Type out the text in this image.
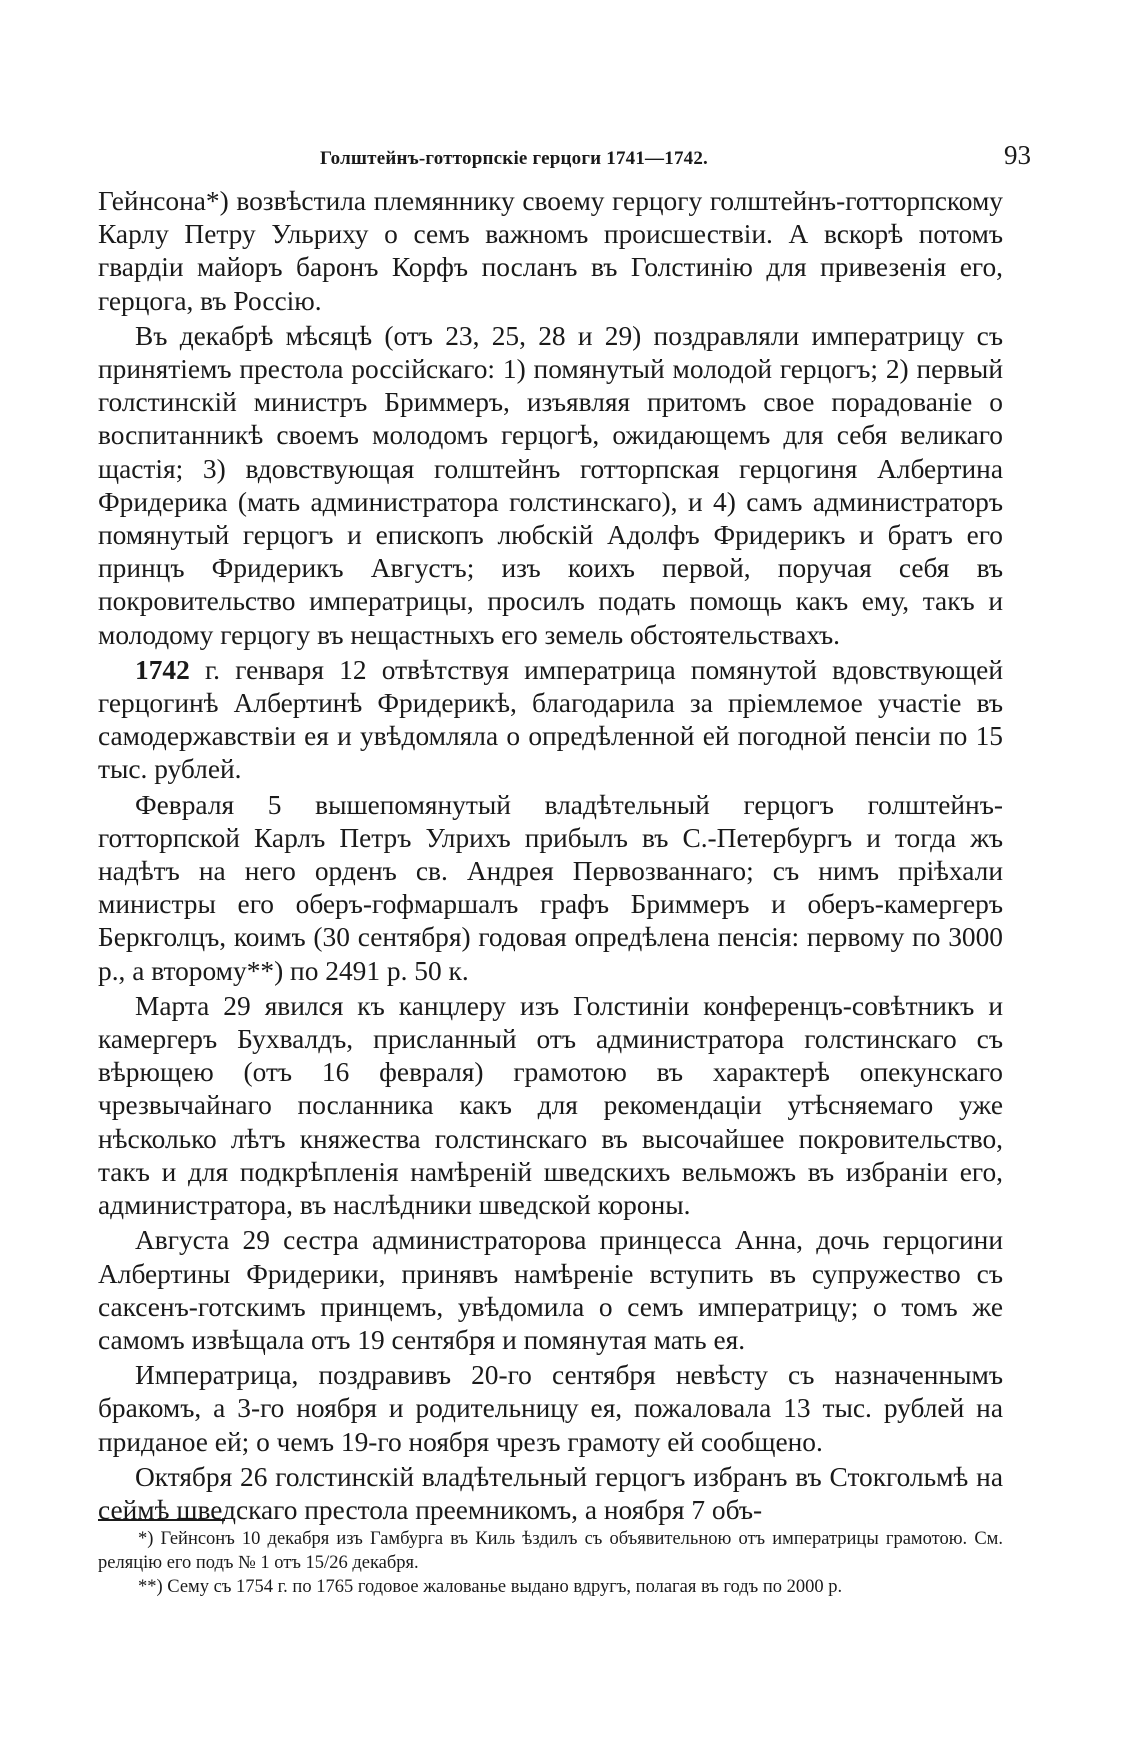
Голштейнъ-готторпскіе герцоги 1741—1742.	93

Гейнсона*) возвѣстила племяннику своему герцогу голштейнъ-готторпскому Карлу Петру Ульриху о семъ важномъ происшествіи. А вскорѣ потомъ гвардіи майоръ баронъ Корфъ посланъ въ Голстинію для привезенія его, герцога, въ Россію.

Въ декабрѣ мѣсяцѣ (отъ 23, 25, 28 и 29) поздравляли императрицу съ принятіемъ престола россійскаго: 1) помянутый молодой герцогъ; 2) первый голстинскій министръ Бриммеръ, изъявляя притомъ свое порадованіе о воспитанникѣ своемъ молодомъ герцогѣ, ожидающемъ для себя великаго щастія; 3) вдовствующая голштейнъ готторпская герцогиня Албертина Фридерика (мать администратора голстинскаго), и 4) самъ администраторъ помянутый герцогъ и епископъ любскій Адолфъ Фридерикъ и братъ его принцъ Фридерикъ Августъ; изъ коихъ первой, поручая себя въ покровительство императрицы, просилъ подать помощь какъ ему, такъ и молодому герцогу въ нещастныхъ его земель обстоятельствахъ.

1742 г. генваря 12 отвѣтствуя императрица помянутой вдовствующей герцогинѣ Албертинѣ Фридерикѣ, благодарила за пріемлемое участіе въ самодержавствіи ея и увѣдомляла о опредѣленной ей погодной пенсіи по 15 тыс. рублей.

Февраля 5 вышепомянутый владѣтельный герцогъ голштейнъ-готторпской Карлъ Петръ Улрихъ прибылъ въ С.-Петербургъ и тогда жъ надѣтъ на него орденъ св. Андрея Первозваннаго; съ нимъ пріѣхали министры его оберъ-гофмаршалъ графъ Бриммеръ и оберъ-камергеръ Беркголцъ, коимъ (30 сентября) годовая опредѣлена пенсія: первому по 3000 р., а второму**) по 2491 р. 50 к.

Марта 29 явился къ канцлеру изъ Голстиніи конференцъ-совѣтникъ и камергеръ Бухвалдъ, присланный отъ администратора голстинскаго съ вѣрющею (отъ 16 февраля) грамотою въ характерѣ опекунскаго чрезвычайнаго посланника какъ для рекомендаціи утѣсняемаго уже нѣсколько лѣтъ княжества голстинскаго въ высочайшее покровительство, такъ и для подкрѣпленія намѣреній шведскихъ вельможъ въ избраніи его, администратора, въ наслѣдники шведской короны.

Августа 29 сестра администраторова принцесса Анна, дочь герцогини Албертины Фридерики, принявъ намѣреніе вступить въ супружество съ саксенъ-готскимъ принцемъ, увѣдомила о семъ императрицу; о томъ же самомъ извѣщала отъ 19 сентября и помянутая мать ея.

Императрица, поздравивъ 20-го сентября невѣсту съ назначеннымъ бракомъ, а 3-го ноября и родительницу ея, пожаловала 13 тыс. рублей на приданое ей; о чемъ 19-го ноября чрезъ грамоту ей сообщено.

Октября 26 голстинскій владѣтельный герцогъ избранъ въ Стокгольмѣ на сеймѣ шведскаго престола преемникомъ, а ноября 7 объ-

*) Гейнсонъ 10 декабря изъ Гамбурга въ Киль ѣздилъ съ объявительною отъ императрицы грамотою. См. реляцію его подъ № 1 отъ 15/26 декабря.

**) Сему съ 1754 г. по 1765 годовое жалованье выдано вдругъ, полагая въ годъ по 2000 р.
